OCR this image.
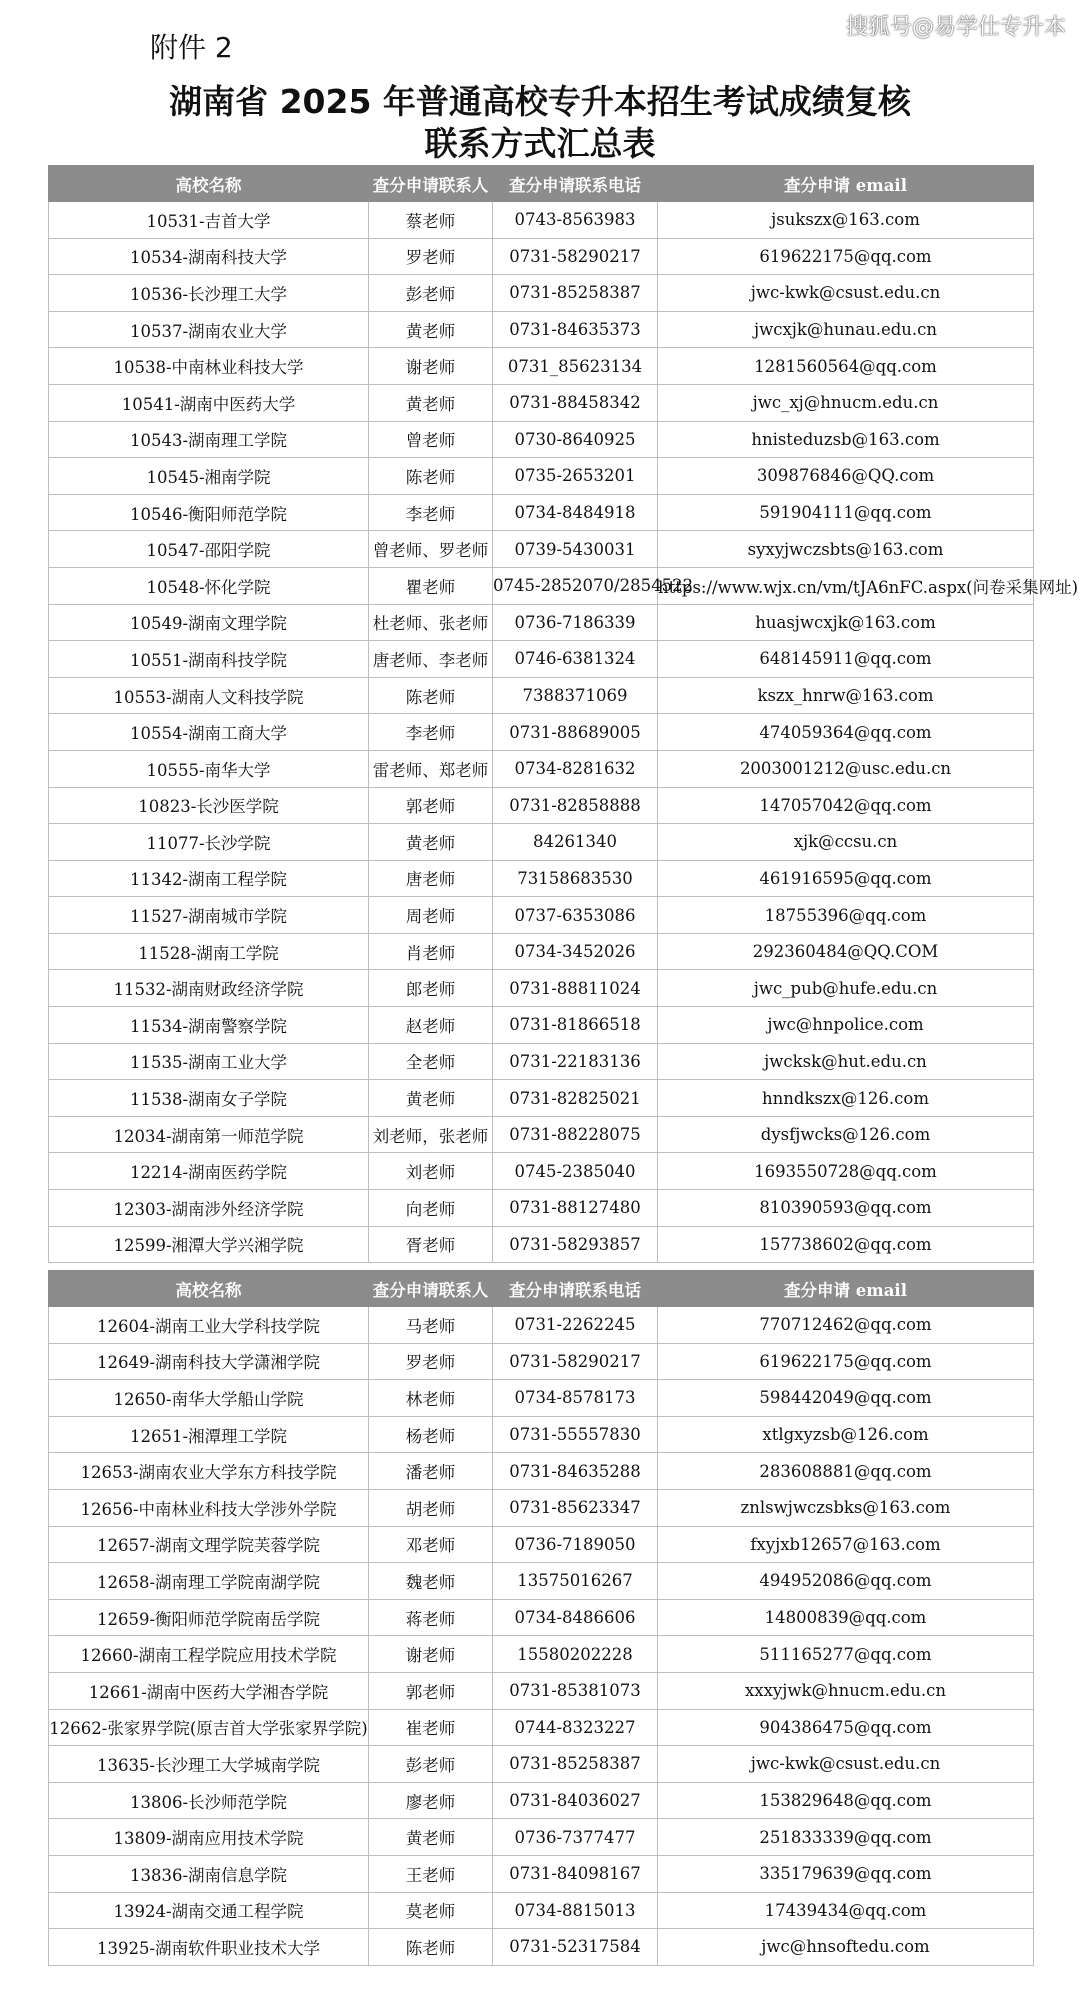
附件 2
搜狐号@易学仕专升本
湖南省 2025 年普通高校专升本招生考试成绩复核
联系方式汇总表
高校名称	查分申请联系人	查分申请联系电话	查分申请 email
10531-吉首大学	蔡老师	0743-8563983	jsukszx@163.com
10534-湖南科技大学	罗老师	0731-58290217	619622175@qq.com
10536-长沙理工大学	彭老师	0731-85258387	jwc-kwk@csust.edu.cn
10537-湖南农业大学	黄老师	0731-84635373	jwcxjk@hunau.edu.cn
10538-中南林业科技大学	谢老师	0731_85623134	1281560564@qq.com
10541-湖南中医药大学	黄老师	0731-88458342	jwc_xj@hnucm.edu.cn
10543-湖南理工学院	曾老师	0730-8640925	hnisteduzsb@163.com
10545-湘南学院	陈老师	0735-2653201	309876846@QQ.com
10546-衡阳师范学院	李老师	0734-8484918	591904111@qq.com
10547-邵阳学院	曾老师、罗老师	0739-5430031	syxyjwczsbts@163.com
10548-怀化学院	瞿老师	0745-2852070/2854522	https://www.wjx.cn/vm/tJA6nFC.aspx(问卷采集网址)
10549-湖南文理学院	杜老师、张老师	0736-7186339	huasjwcxjk@163.com
10551-湖南科技学院	唐老师、李老师	0746-6381324	648145911@qq.com
10553-湖南人文科技学院	陈老师	7388371069	kszx_hnrw@163.com
10554-湖南工商大学	李老师	0731-88689005	474059364@qq.com
10555-南华大学	雷老师、郑老师	0734-8281632	2003001212@usc.edu.cn
10823-长沙医学院	郭老师	0731-82858888	147057042@qq.com
11077-长沙学院	黄老师	84261340	xjk@ccsu.cn
11342-湖南工程学院	唐老师	73158683530	461916595@qq.com
11527-湖南城市学院	周老师	0737-6353086	18755396@qq.com
11528-湖南工学院	肖老师	0734-3452026	292360484@QQ.COM
11532-湖南财政经济学院	郎老师	0731-88811024	jwc_pub@hufe.edu.cn
11534-湖南警察学院	赵老师	0731-81866518	jwc@hnpolice.com
11535-湖南工业大学	全老师	0731-22183136	jwcksk@hut.edu.cn
11538-湖南女子学院	黄老师	0731-82825021	hnndkszx@126.com
12034-湖南第一师范学院	刘老师，张老师	0731-88228075	dysfjwcks@126.com
12214-湖南医药学院	刘老师	0745-2385040	1693550728@qq.com
12303-湖南涉外经济学院	向老师	0731-88127480	810390593@qq.com
12599-湘潭大学兴湘学院	胥老师	0731-58293857	157738602@qq.com
高校名称	查分申请联系人	查分申请联系电话	查分申请 email
12604-湖南工业大学科技学院	马老师	0731-2262245	770712462@qq.com
12649-湖南科技大学潇湘学院	罗老师	0731-58290217	619622175@qq.com
12650-南华大学船山学院	林老师	0734-8578173	598442049@qq.com
12651-湘潭理工学院	杨老师	0731-55557830	xtlgxyzsb@126.com
12653-湖南农业大学东方科技学院	潘老师	0731-84635288	283608881@qq.com
12656-中南林业科技大学涉外学院	胡老师	0731-85623347	znlswjwczsbks@163.com
12657-湖南文理学院芙蓉学院	邓老师	0736-7189050	fxyjxb12657@163.com
12658-湖南理工学院南湖学院	魏老师	13575016267	494952086@qq.com
12659-衡阳师范学院南岳学院	蒋老师	0734-8486606	14800839@qq.com
12660-湖南工程学院应用技术学院	谢老师	15580202228	511165277@qq.com
12661-湖南中医药大学湘杏学院	郭老师	0731-85381073	xxxyjwk@hnucm.edu.cn
12662-张家界学院(原吉首大学张家界学院)	崔老师	0744-8323227	904386475@qq.com
13635-长沙理工大学城南学院	彭老师	0731-85258387	jwc-kwk@csust.edu.cn
13806-长沙师范学院	廖老师	0731-84036027	153829648@qq.com
13809-湖南应用技术学院	黄老师	0736-7377477	251833339@qq.com
13836-湖南信息学院	王老师	0731-84098167	335179639@qq.com
13924-湖南交通工程学院	莫老师	0734-8815013	17439434@qq.com
13925-湖南软件职业技术大学	陈老师	0731-52317584	jwc@hnsoftedu.com
